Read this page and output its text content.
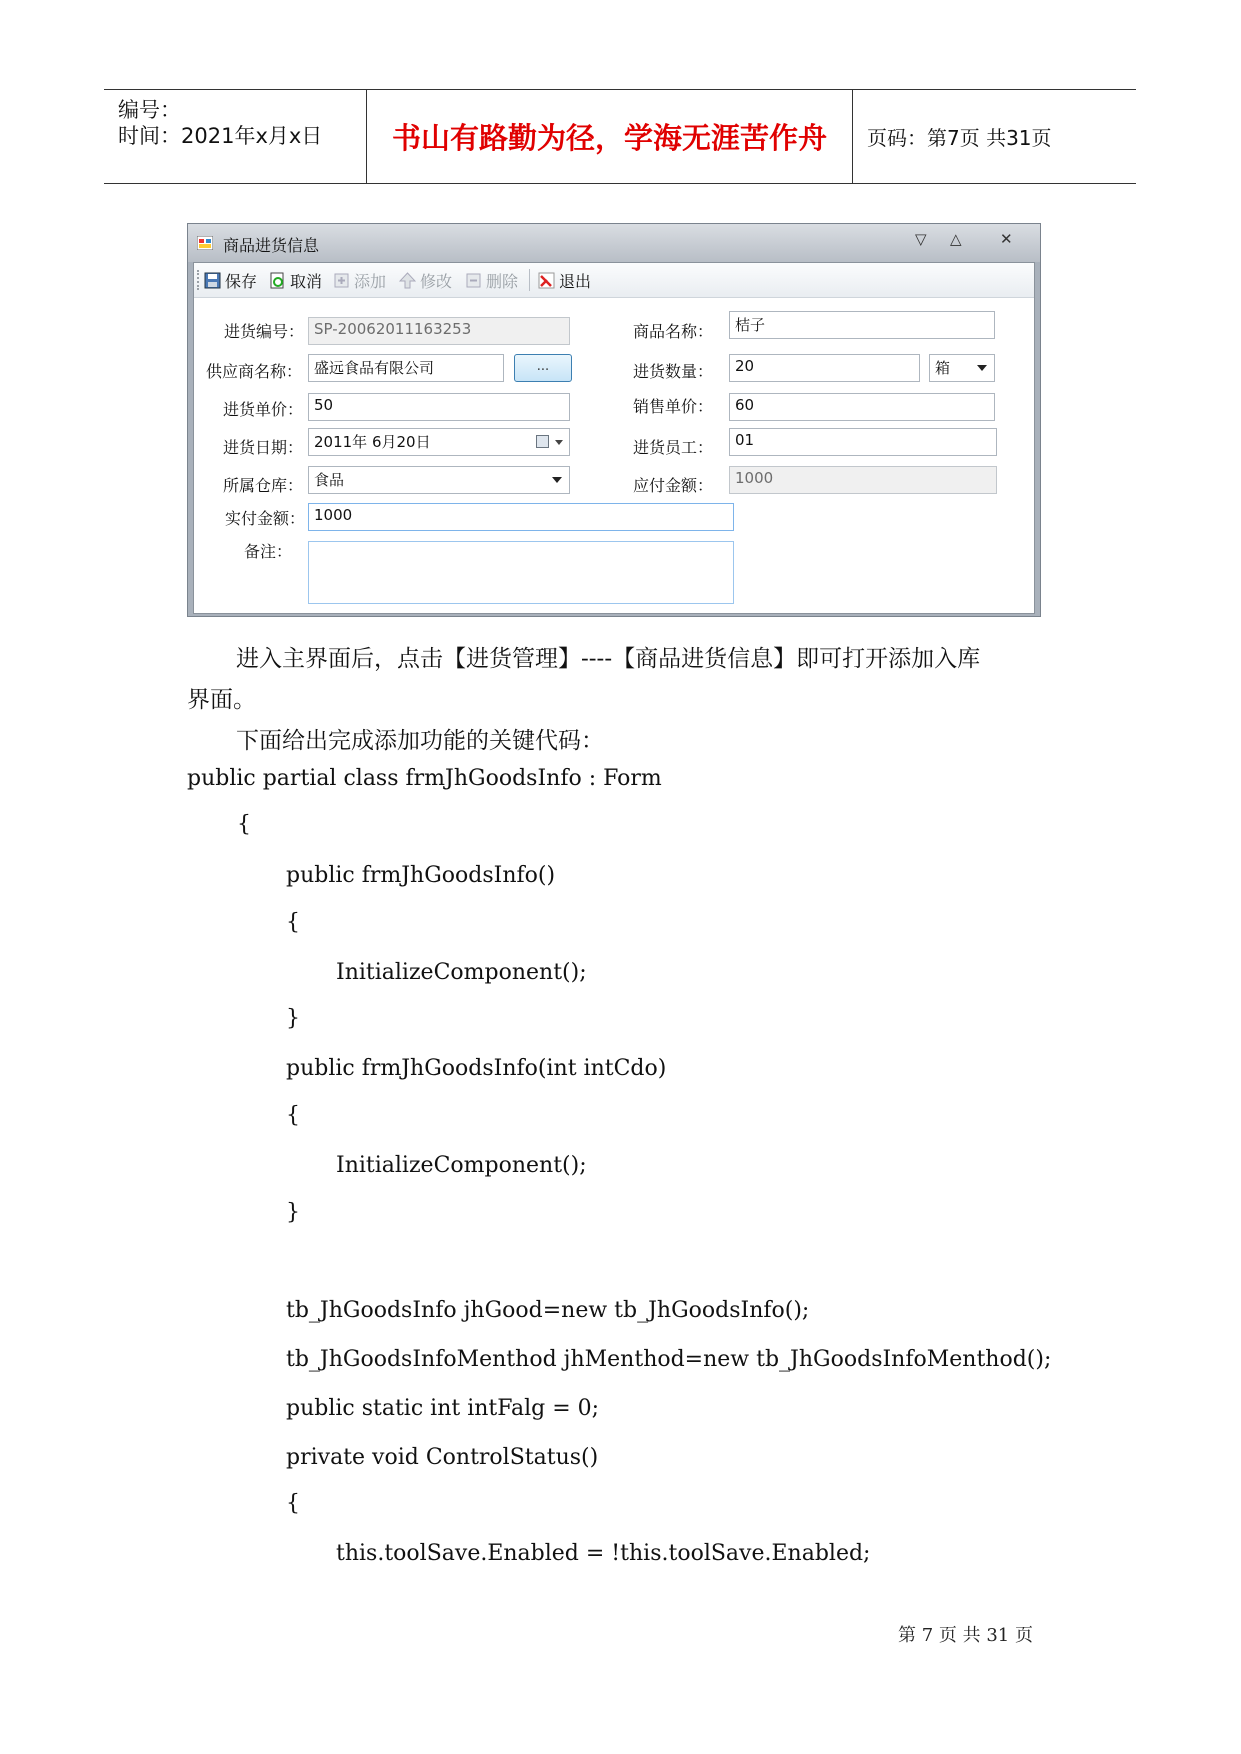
编号：
时间：2021年x月x日	书山有路勤为径，学海无涯苦作舟	页码：第7页 共31页
商品进货信息	▽ △	✕
保存 取消 添加 修改 删除	退出
进货编号： SP-20062011163253	商品名称：	桔子
供应商名称： 盛远食品有限公司	...	进货数量：	20	箱
进货单价： 50	销售单价：	60
进货日期： 2011年 6月20日	进货员工：	01
所属仓库： 食品	应付金额：	1000
实付金额： 1000
备注：
进入主界面后，点击【进货管理】----【商品进货信息】即可打开添加入库
界面。
下面给出完成添加功能的关键代码：
public partial class frmJhGoodsInfo : Form
{
public frmJhGoodsInfo()
{
InitializeComponent();
}
public frmJhGoodsInfo(int intCdo)
{
InitializeComponent();
}
tb_JhGoodsInfo jhGood=new tb_JhGoodsInfo();
tb_JhGoodsInfoMenthod jhMenthod=new tb_JhGoodsInfoMenthod();
public static int intFalg = 0;
private void ControlStatus()
{
this.toolSave.Enabled = !this.toolSave.Enabled;
第 7 页 共 31 页
